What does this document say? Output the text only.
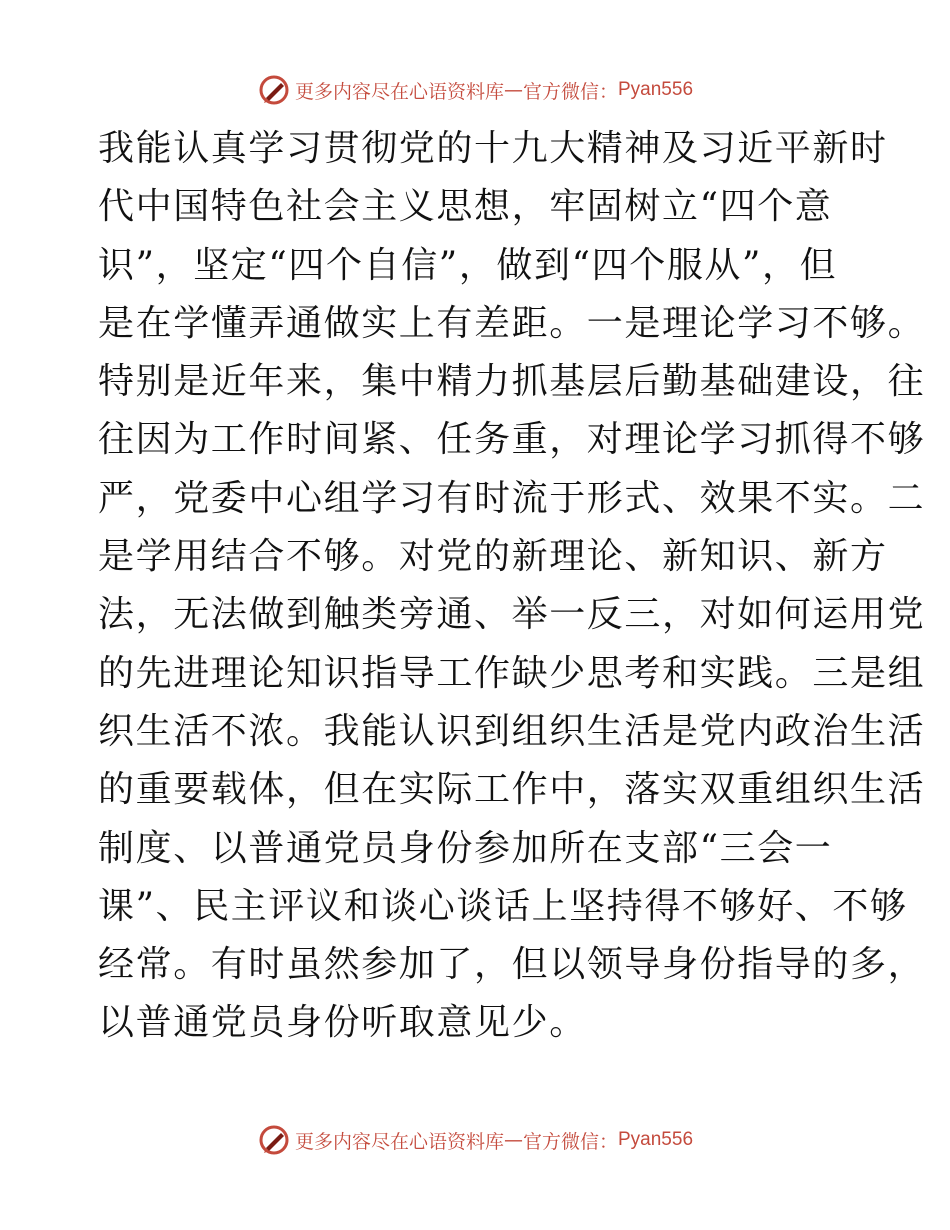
更多内容尽在心语资料库 — 官方微信： Pyan556
我能认真学习贯彻党的十九大精神及习近平新时
代中国特色社会主义思想，牢固树立“四个意
识”，坚定“四个自信”，做到“四个服从”，但
是在学懂弄通做实上有差距。一是理论学习不够。
特别是近年来，集中精力抓基层后勤基础建设，往
往因为工作时间紧、任务重，对理论学习抓得不够
严，党委中心组学习有时流于形式、效果不实。二
是学用结合不够。对党的新理论、新知识、新方
法，无法做到触类旁通、举一反三，对如何运用党
的先进理论知识指导工作缺少思考和实践。三是组
织生活不浓。我能认识到组织生活是党内政治生活
的重要载体，但在实际工作中，落实双重组织生活
制度、以普通党员身份参加所在支部“三会一
课”、民主评议和谈心谈话上坚持得不够好、不够
经常。有时虽然参加了，但以领导身份指导的多，
以普通党员身份听取意见少。
更多内容尽在心语资料库 — 官方微信： Pyan556
